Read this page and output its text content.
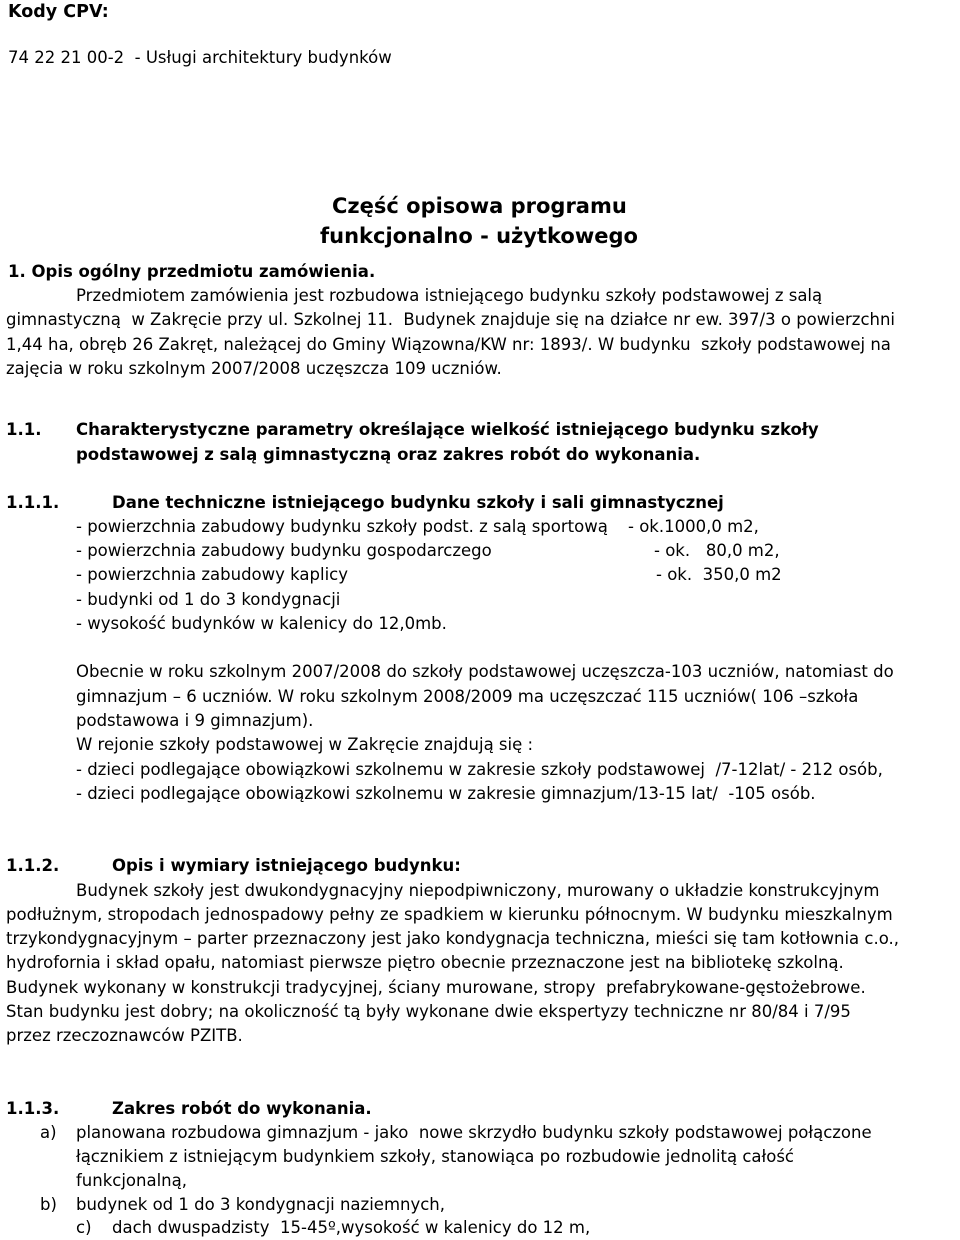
Kody CPV:
74 22 21 00-2  - Usługi architektury budynków
Część opisowa programu
funkcjonalno - użytkowego
1. Opis ogólny przedmiotu zamówienia.
Przedmiotem zamówienia jest rozbudowa istniejącego budynku szkoły podstawowej z salą
gimnastyczną  w Zakręcie przy ul. Szkolnej 11.  Budynek znajduje się na działce nr ew. 397/3 o powierzchni
1,44 ha, obręb 26 Zakręt, należącej do Gminy Wiązowna/KW nr: 1893/. W budynku  szkoły podstawowej na
zajęcia w roku szkolnym 2007/2008 uczęszcza 109 uczniów.
1.1. Charakterystyczne parametry określające wielkość istniejącego budynku szkoły
podstawowej z salą gimnastyczną oraz zakres robót do wykonania.
1.1.1.	Dane techniczne istniejącego budynku szkoły i sali gimnastycznej
- powierzchnia zabudowy budynku szkoły podst. z salą sportową - ok.1000,0 m2,
- powierzchnia zabudowy budynku gospodarczego	- ok.   80,0 m2,
- powierzchnia zabudowy kaplicy	- ok.  350,0 m2
- budynki od 1 do 3 kondygnacji
- wysokość budynków w kalenicy do 12,0mb.
Obecnie w roku szkolnym 2007/2008 do szkoły podstawowej uczęszcza-103 uczniów, natomiast do
gimnazjum – 6 uczniów. W roku szkolnym 2008/2009 ma uczęszczać 115 uczniów( 106 –szkoła
podstawowa i 9 gimnazjum).
W rejonie szkoły podstawowej w Zakręcie znajdują się :
- dzieci podlegające obowiązkowi szkolnemu w zakresie szkoły podstawowej  /7-12lat/ - 212 osób,
- dzieci podlegające obowiązkowi szkolnemu w zakresie gimnazjum/13-15 lat/  -105 osób.
1.1.2.	Opis i wymiary istniejącego budynku:
Budynek szkoły jest dwukondygnacyjny niepodpiwniczony, murowany o układzie konstrukcyjnym
podłużnym, stropodach jednospadowy pełny ze spadkiem w kierunku północnym. W budynku mieszkalnym
trzykondygnacyjnym – parter przeznaczony jest jako kondygnacja techniczna, mieści się tam kotłownia c.o.,
hydrofornia i skład opału, natomiast pierwsze piętro obecnie przeznaczone jest na bibliotekę szkolną.
Budynek wykonany w konstrukcji tradycyjnej, ściany murowane, stropy  prefabrykowane-gęstożebrowe.
Stan budynku jest dobry; na okoliczność tą były wykonane dwie ekspertyzy techniczne nr 80/84 i 7/95
przez rzeczoznawców PZITB.
1.1.3.	Zakres robót do wykonania.
a) planowana rozbudowa gimnazjum - jako  nowe skrzydło budynku szkoły podstawowej połączone
łącznikiem z istniejącym budynkiem szkoły, stanowiąca po rozbudowie jednolitą całość
funkcjonalną,
b) budynek od 1 do 3 kondygnacji naziemnych,
c) dach dwuspadzisty  15-45º,wysokość w kalenicy do 12 m,
